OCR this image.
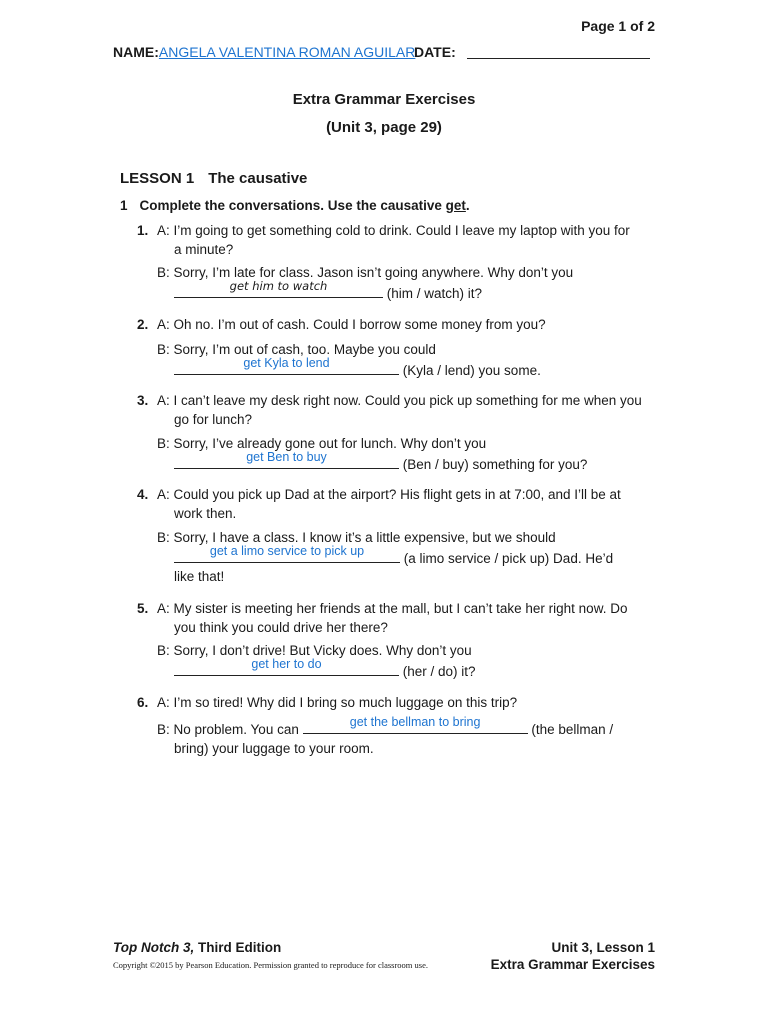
Page 1 of 2
NAME:ANGELA VALENTINA ROMAN AGUILAR
DATE:
Extra Grammar Exercises
(Unit 3, page 29)
LESSON 1 The causative
1 Complete the conversations. Use the causative get.
1. A: I’m going to get something cold to drink. Could I leave my laptop with you for
a minute?
B: Sorry, I’m late for class. Jason isn’t going anywhere. Why don’t you

get him to watch	(him / watch) it?
2. A: Oh no. I’m out of cash. Could I borrow some money from you?
B: Sorry, I’m out of cash, too. Maybe you could

get Kyla to lend	(Kyla / lend) you some.
3. A: I can’t leave my desk right now. Could you pick up something for me when you
go for lunch?
B: Sorry, I’ve already gone out for lunch. Why don’t you

get Ben to buy	(Ben / buy) something for you?
4. A: Could you pick up Dad at the airport? His flight gets in at 7:00, and I’ll be at
work then.
B: Sorry, I have a class. I know it’s a little expensive, but we should

get a limo service to pick up	(a limo service / pick up) Dad. He’d
like that!
5. A: My sister is meeting her friends at the mall, but I can’t take her right now. Do
you think you could drive her there?
B: Sorry, I don’t drive! But Vicky does. Why don’t you

get her to do	(her / do) it?
6. A: I’m so tired! Why did I bring so much luggage on this trip?
B: No problem. You can	get the bellman to bring	(the bellman /
bring) your luggage to your room.
Top Notch 3, Third Edition
Copyright ©2015 by Pearson Education. Permission granted to reproduce for classroom use.
Unit 3, Lesson 1
Extra Grammar Exercises
